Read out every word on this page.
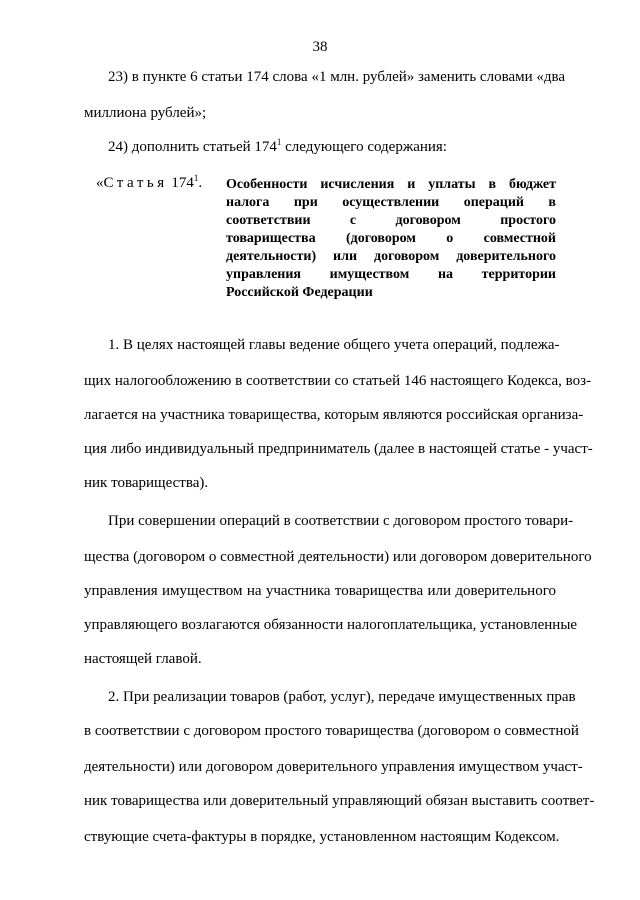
38
23) в пункте 6 статьи 174 слова «1 млн. рублей» заменить словами «два
миллиона рублей»;
24) дополнить статьей $174^1$ следующего содержания:
«Статья $174^1$. Особенности исчисления и уплаты в бюджет
налога при осуществлении операций в
соответствии с договором простого
товарищества (договором о совместной
деятельности) или договором доверительного
управления имуществом на территории
Российской Федерации
1. В целях настоящей главы ведение общего учета операций, подлежа-
щих налогообложению в соответствии со статьей 146 настоящего Кодекса, воз-
лагается на участника товарищества, которым являются российская организа-
ция либо индивидуальный предприниматель (далее в настоящей статье - участ-
ник товарищества).
При совершении операций в соответствии с договором простого товари-
щества (договором о совместной деятельности) или договором доверительного
управления имуществом на участника товарищества или доверительного
управляющего возлагаются обязанности налогоплательщика, установленные
настоящей главой.
2. При реализации товаров (работ, услуг), передаче имущественных прав
в соответствии с договором простого товарищества (договором о совместной
деятельности) или договором доверительного управления имуществом участ-
ник товарищества или доверительный управляющий обязан выставить соответ-
ствующие счета-фактуры в порядке, установленном настоящим Кодексом.
